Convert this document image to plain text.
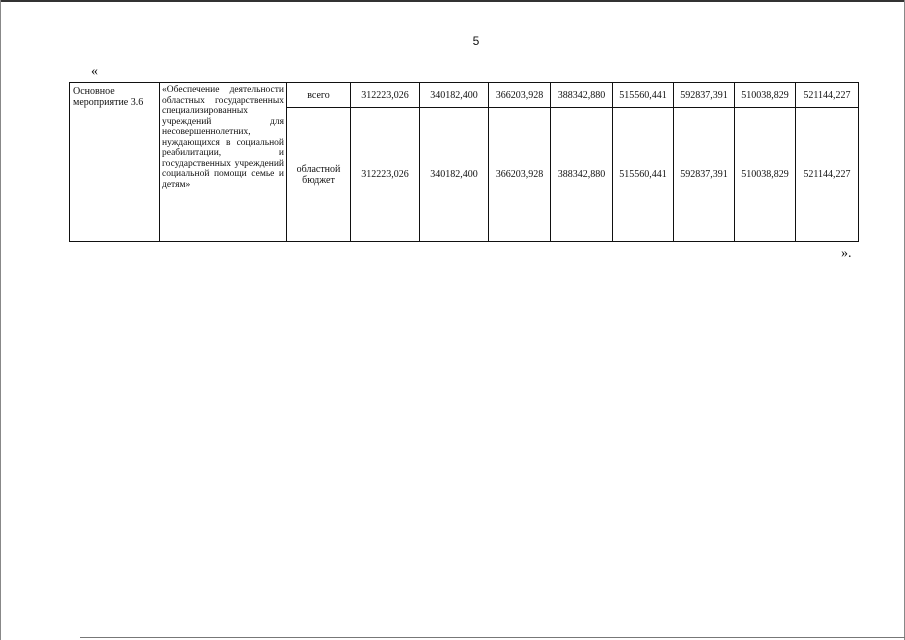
5
«
Основное мероприятие 3.6	«Обеспечение деятельности областных государственных специализированных учреждений для несовершеннолетних, нуждающихся в социальной реабилитации, и государственных учреждений социальной помощи семье и детям»	всего	312223,026	340182,400	366203,928	388342,880	515560,441	592837,391	510038,829	521144,227
		областной бюджет	312223,026	340182,400	366203,928	388342,880	515560,441	592837,391	510038,829	521144,227
».
